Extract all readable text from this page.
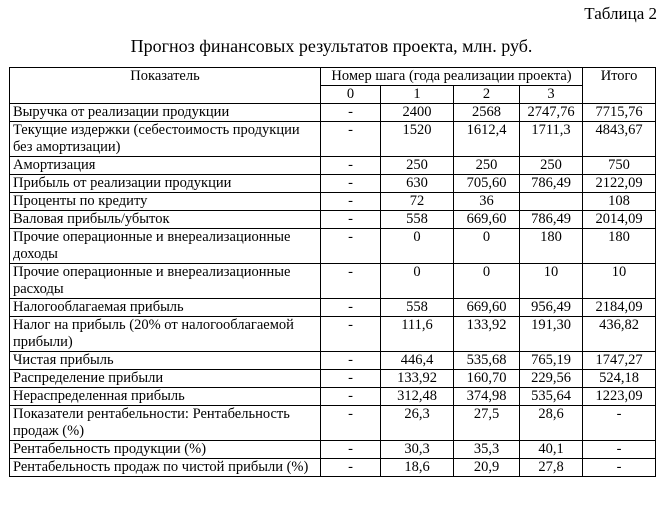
Таблица 2
Прогноз финансовых результатов проекта, млн. руб.
Показатель	Номер шага (года реализации проекта)				Итого
	0	1	2	3	
Выручка от реализации продукции	-	2400	2568	2747,76	7715,76
Текущие издержки (себестоимость продукции без амортизации)	-	1520	1612,4	1711,3	4843,67
Амортизация	-	250	250	250	750
Прибыль от реализации продукции	-	630	705,60	786,49	2122,09
Проценты по кредиту	-	72	36		108
Валовая прибыль/убыток	-	558	669,60	786,49	2014,09
Прочие операционные и внереализационные доходы	-	0	0	180	180
Прочие операционные и внереализационные расходы	-	0	0	10	10
Налогооблагаемая прибыль	-	558	669,60	956,49	2184,09
Налог на прибыль (20% от налогооблагаемой прибыли)	-	111,6	133,92	191,30	436,82
Чистая прибыль	-	446,4	535,68	765,19	1747,27
Распределение прибыли	-	133,92	160,70	229,56	524,18
Нераспределенная прибыль	-	312,48	374,98	535,64	1223,09
Показатели рентабельности: Рентабельность продаж (%)	-	26,3	27,5	28,6	-
Рентабельность продукции (%)	-	30,3	35,3	40,1	-
Рентабельность продаж по чистой прибыли (%)	-	18,6	20,9	27,8	-
